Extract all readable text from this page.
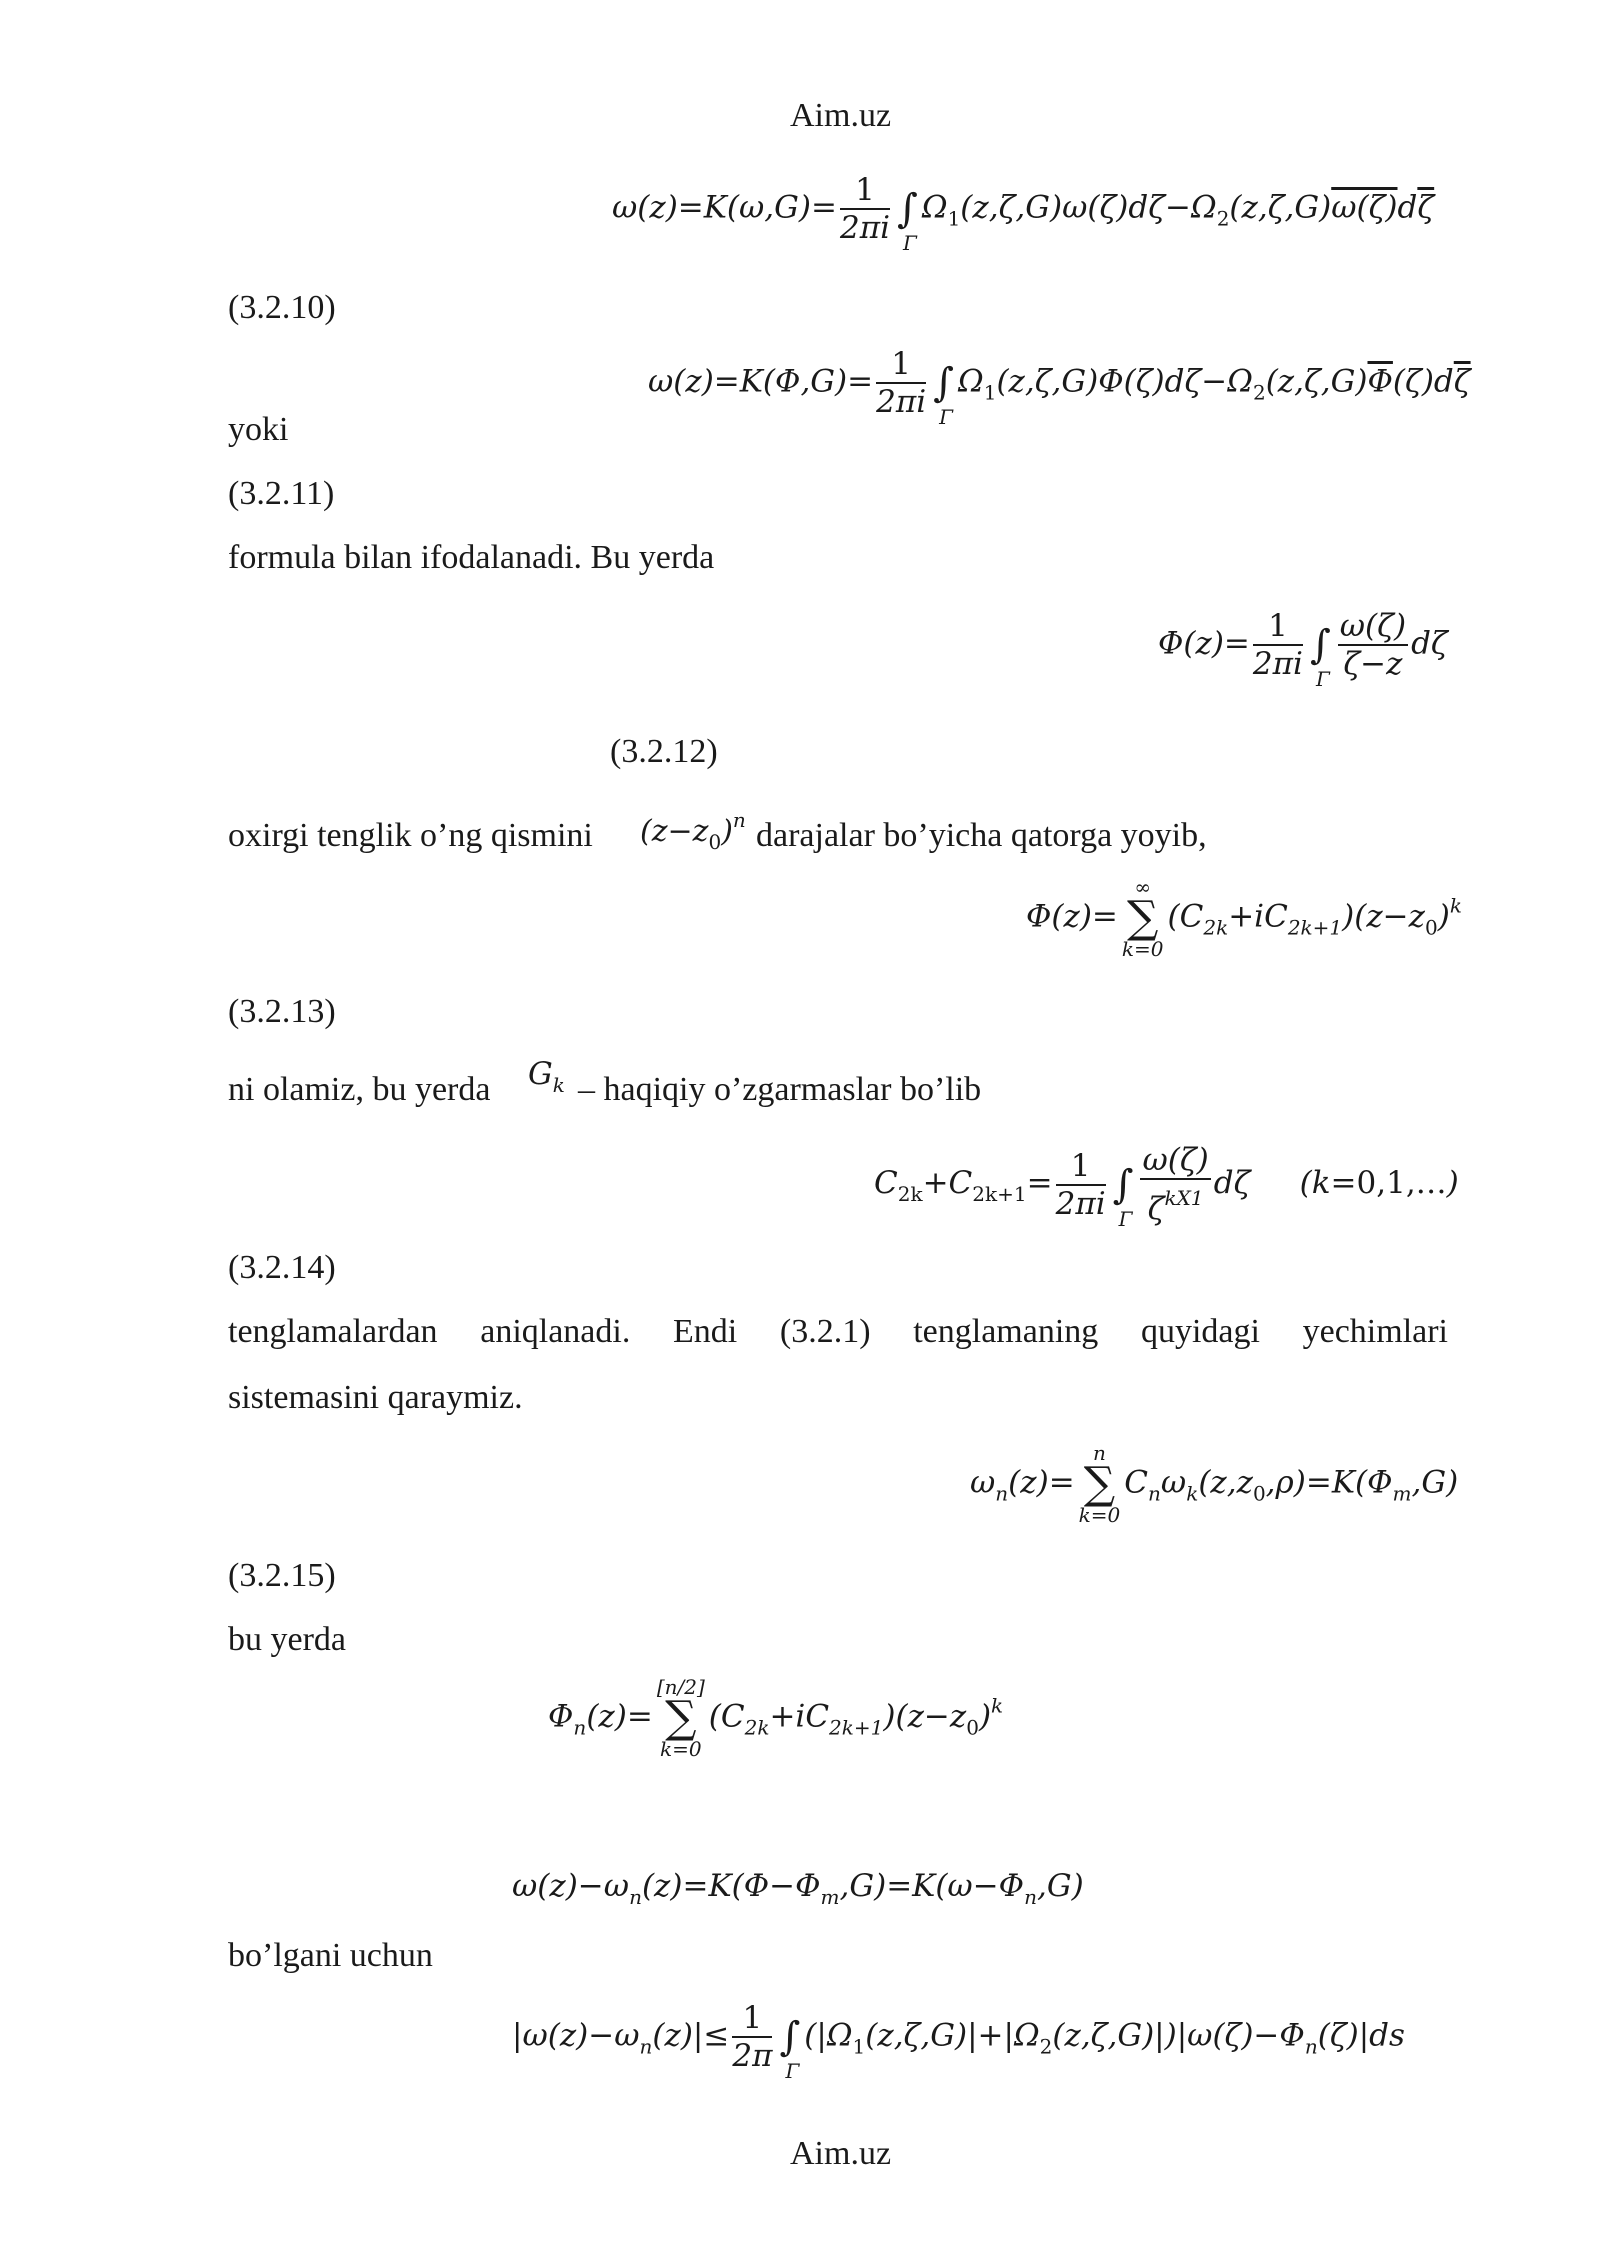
Aim.uz
$\omega(z)=K(\omega,G)= \frac{1}{2\pi i}$ ∫
Γ
$\Omega_1(z,\zeta,G)\omega(\zeta)d\zeta-\Omega_2(z,\zeta,G)\omega(\zeta)d\overline{\zeta}$
(3.2.10)
$\omega(z)=K(\Phi,G)= \frac{1}{2\pi i}$ ∫
Γ
$\Omega_1(z,\zeta,G)\Phi(\zeta)d\zeta-\Omega_2(z,\zeta,G)\overline{\Phi}(\zeta)d\overline{\zeta}$
yoki
(3.2.11)
formula bilan ifodalanadi. Bu yerda
$\Phi(z)= \frac{1}{2\pi i}$ ∫
Γ $\frac{\omega(\zeta)}{\zeta-z}$ dζ
(3.2.12)
oxirgi tenglik o’ng qismini $(z-z_0)^n$ darajalar bo’yicha qatorga yoyib,
Φ(z)=
∞
∑
k=0
$(C_{2k}+iC_{2k+1})(z-z_0)^k$
(3.2.13)
ni olamiz, bu yerda $G_k$ – haqiqiy o’zgarmaslar bo’lib
$C_{2k}+C_{2k+1}= \frac{1}{2\pi i}$ ∫
Γ $\frac{\omega(\zeta)}{\zeta^{kX1}}$ dζ     (k=0,1,…)
(3.2.14)
tenglamalardan aniqlanadi. Endi (3.2.1) tenglamaning quyidagi yechimlari
sistemasini qaraymiz.
$\omega_n(z)=$
n
∑
k=0
$C_n\omega_k(z,z_0,\rho)=K(\Phi_m,G)$
(3.2.15)
bu yerda
$\Phi_n(z)=$
[n/2]
∑
k=0
$(C_{2k}+iC_{2k+1})(z-z_0)^k$
$\omega(z)-\omega_n(z)=K(\Phi-\Phi_m,G)=K(\omega-\Phi_n,G)$
bo’lgani uchun
$|\omega(z)-\omega_n(z)|\le \frac{1}{2\pi}$ ∫
Γ
$(|\Omega_1(z,\zeta,G)|+|\Omega_2(z,\zeta,G)|)|\omega(\zeta)-\Phi_n(\zeta)|ds$
Aim.uz
